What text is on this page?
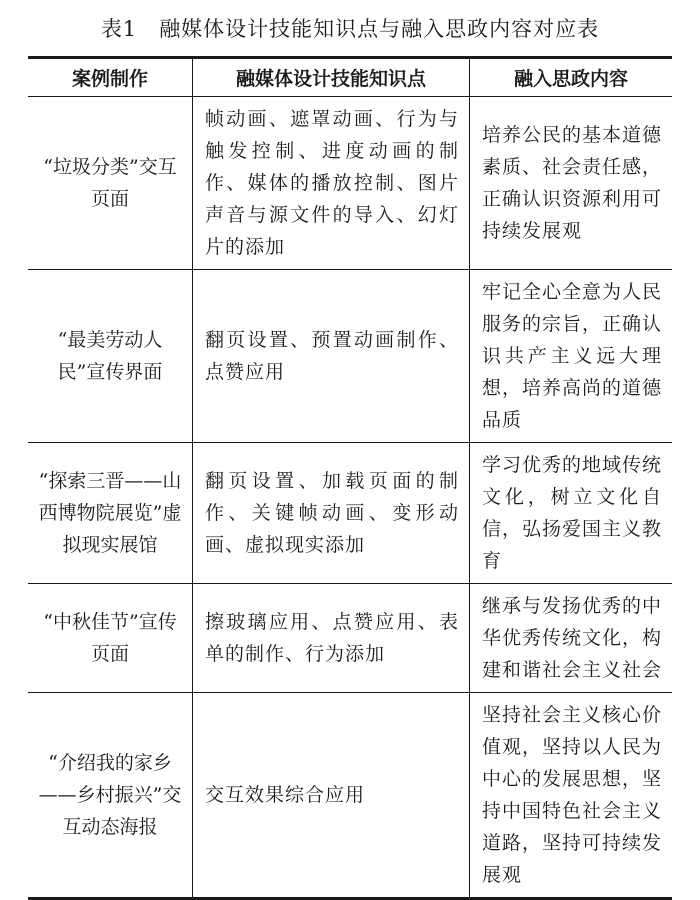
表1 融媒体设计技能知识点与融入思政内容对应表
案例制作	融媒体设计技能知识点	融入思政内容
“垃圾分类”交互页面	帧动画、遮罩动画、行为与触发控制、进度动画的制作、媒体的播放控制、图片声音与源文件的导入、幻灯片的添加	培养公民的基本道德素质、社会责任感，正确认识资源利用可持续发展观
“最美劳动人民”宣传界面	翻页设置、预置动画制作、点赞应用	牢记全心全意为人民服务的宗旨，正确认识共产主义远大理想，培养高尚的道德品质
“探索三晋——山西博物院展览”虚拟现实展馆	翻页设置、加载页面的制作、关键帧动画、变形动画、虚拟现实添加	学习优秀的地域传统文化，树立文化自信，弘扬爱国主义教育
“中秋佳节”宣传页面	擦玻璃应用、点赞应用、表单的制作、行为添加	继承与发扬优秀的中华优秀传统文化，构建和谐社会主义社会
“介绍我的家乡——乡村振兴”交互动态海报	交互效果综合应用	坚持社会主义核心价值观，坚持以人民为中心的发展思想，坚持中国特色社会主义道路，坚持可持续发展观
